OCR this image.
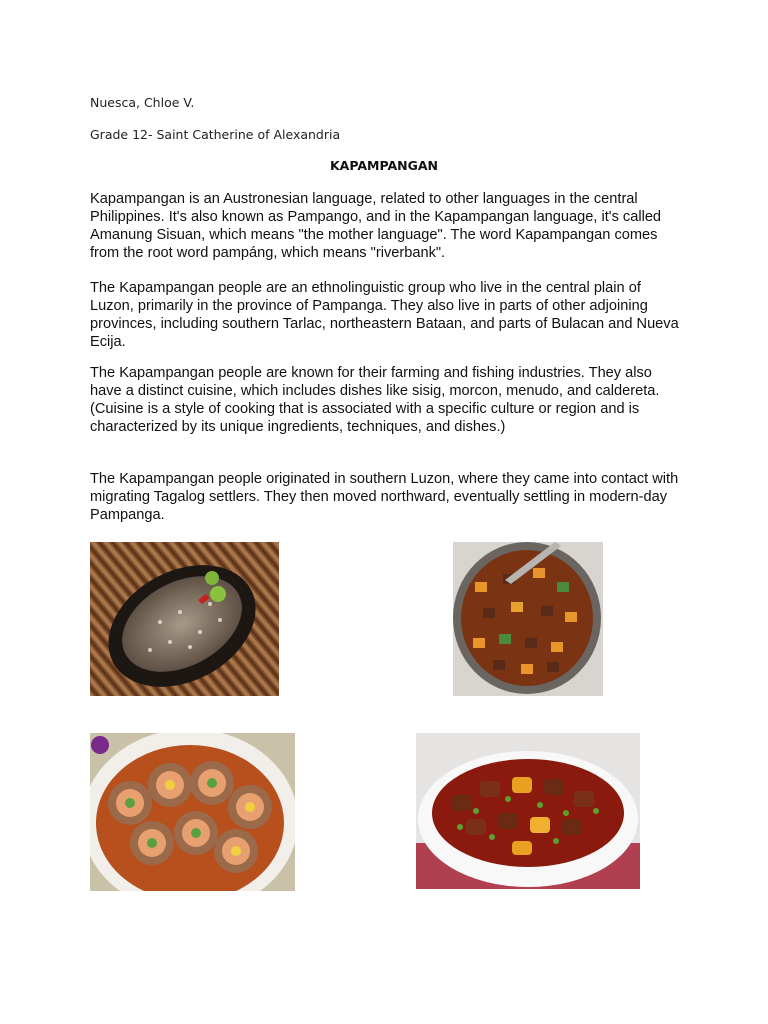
Nuesca, Chloe V.
Grade 12- Saint Catherine of Alexandria
KAPAMPANGAN

Kapampangan is an Austronesian language, related to other languages in the central Philippines. It's also known as Pampango, and in the Kapampangan language, it's called Amanung Sisuan, which means "the mother language". The word Kapampangan comes from the root word pampáng, which means "riverbank".

The Kapampangan people are an ethnolinguistic group who live in the central plain of Luzon, primarily in the province of Pampanga. They also live in parts of other adjoining provinces, including southern Tarlac, northeastern Bataan, and parts of Bulacan and Nueva Ecija.

The Kapampangan people are known for their farming and fishing industries. They also have a distinct cuisine, which includes dishes like sisig, morcon, menudo, and caldereta.
(Cuisine is a style of cooking that is associated with a specific culture or region and is characterized by its unique ingredients, techniques, and dishes.)

The Kapampangan people originated in southern Luzon, where they came into contact with migrating Tagalog settlers. They then moved northward, eventually settling in modern-day Pampanga.
